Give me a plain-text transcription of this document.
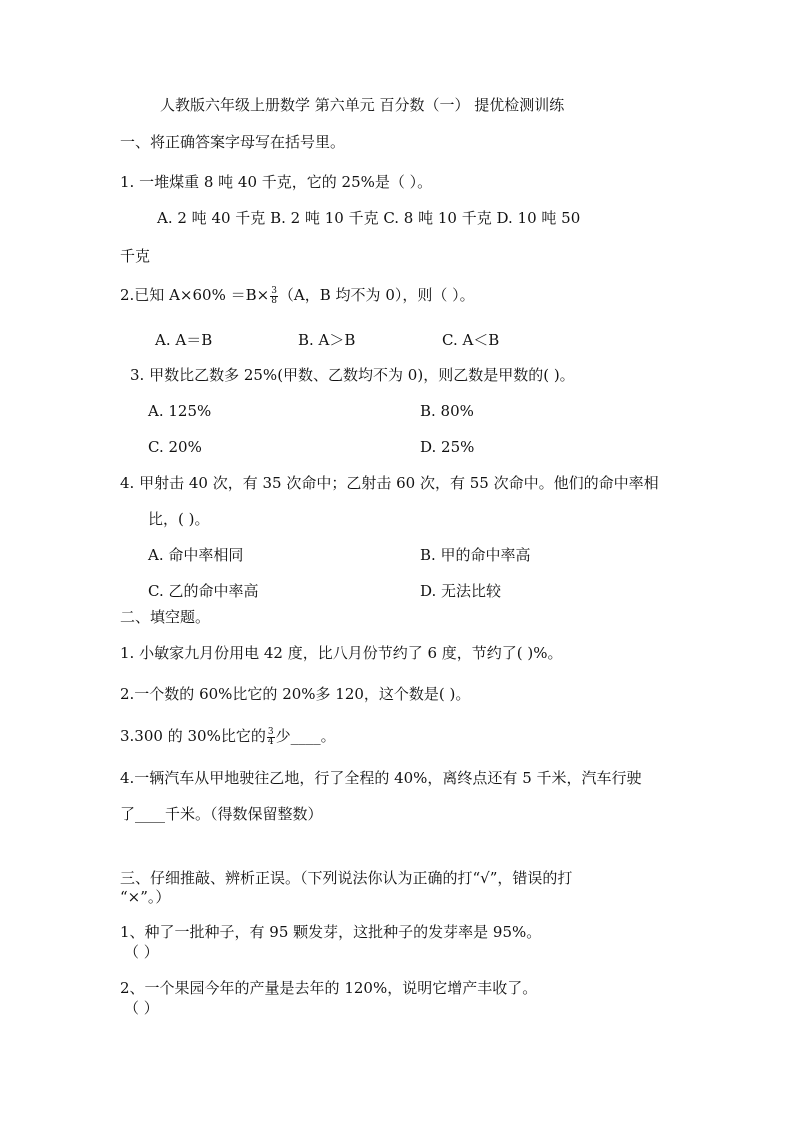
人教版六年级上册数学 第六单元 百分数（一） 提优检测训练
一、将正确答案字母写在括号里。
1. 一堆煤重 8 吨 40 千克，它的 25%是（ ）。
A. 2 吨 40 千克 B. 2 吨 10 千克 C. 8 吨 10 千克 D. 10 吨 50
千克
2.已知 $A\times 60\% =B\times \frac{3}{8} (A$，B 均不为 0），则（ ）。
A. A＝B	B. A＞B	C. A＜B
3. 甲数比乙数多 25%(甲数、乙数均不为 0)，则乙数是甲数的( )。
A. 125%	B. 80%
C. 20%	D. 25%
4. 甲射击 40 次，有 35 次命中；乙射击 60 次，有 55 次命中。他们的命中率相
比，( )。
A. 命中率相同	B. 甲的命中率高
C. 乙的命中率高	D. 无法比较
二、填空题。
1. 小敏家九月份用电 42 度，比八月份节约了 6 度，节约了( )%。
2.一个数的 60%比它的 20%多 120，这个数是( )。
3.300 的 30%比它的 $\frac{3}{4}$ 少____。
4.一辆汽车从甲地驶往乙地，行了全程的 40%，离终点还有 5 千米，汽车行驶
了____千米。（得数保留整数）
三、仔细推敲、辨析正误。（下列说法你认为正确的打“√”，错误的打
“×”。）
1、种了一批种子，有 95 颗发芽，这批种子的发芽率是 95%。
（ ）
2、一个果园今年的产量是去年的 120%，说明它增产丰收了。
（ ）
